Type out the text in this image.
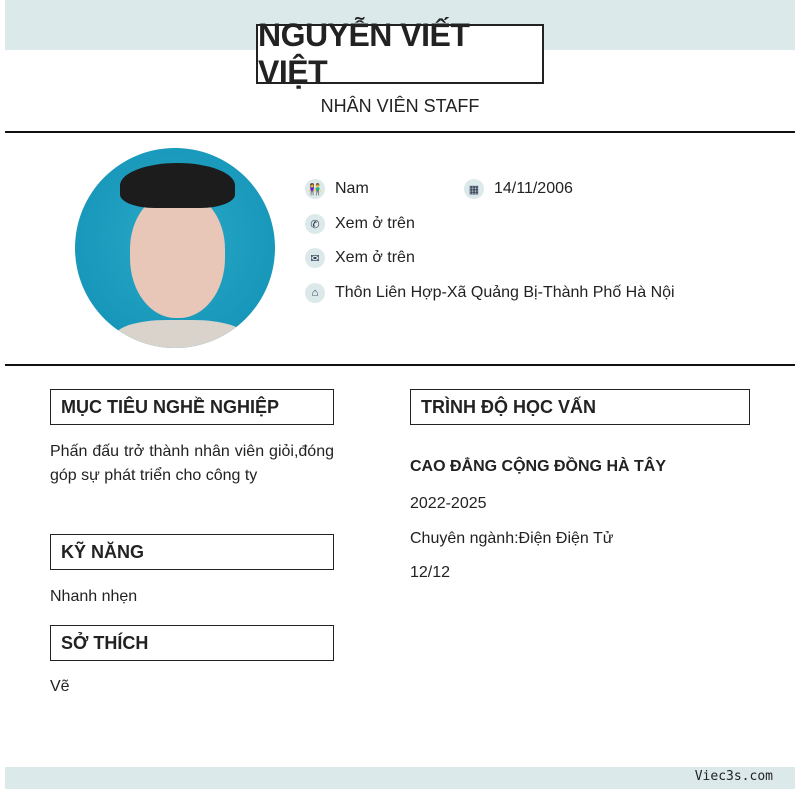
NGUYỄN VIẾT VIỆT
NHÂN VIÊN STAFF
👫 Nam	▦ 14/11/2006
✆ Xem ở trên
✉ Xem ở trên
⌂	Thôn Liên Hợp-Xã Quảng Bị-Thành Phố Hà Nội
MỤC TIÊU NGHỀ NGHIỆP
Phấn đấu trở thành nhân viên giỏi,đóng góp sự phát triển cho công ty
KỸ NĂNG
Nhanh nhẹn
SỞ THÍCH
Vẽ
TRÌNH ĐỘ HỌC VẤN
CAO ĐẲNG CỘNG ĐỒNG HÀ TÂY
2022-2025
Chuyên ngành:Điện Điện Tử
12/12
Viec3s.com
